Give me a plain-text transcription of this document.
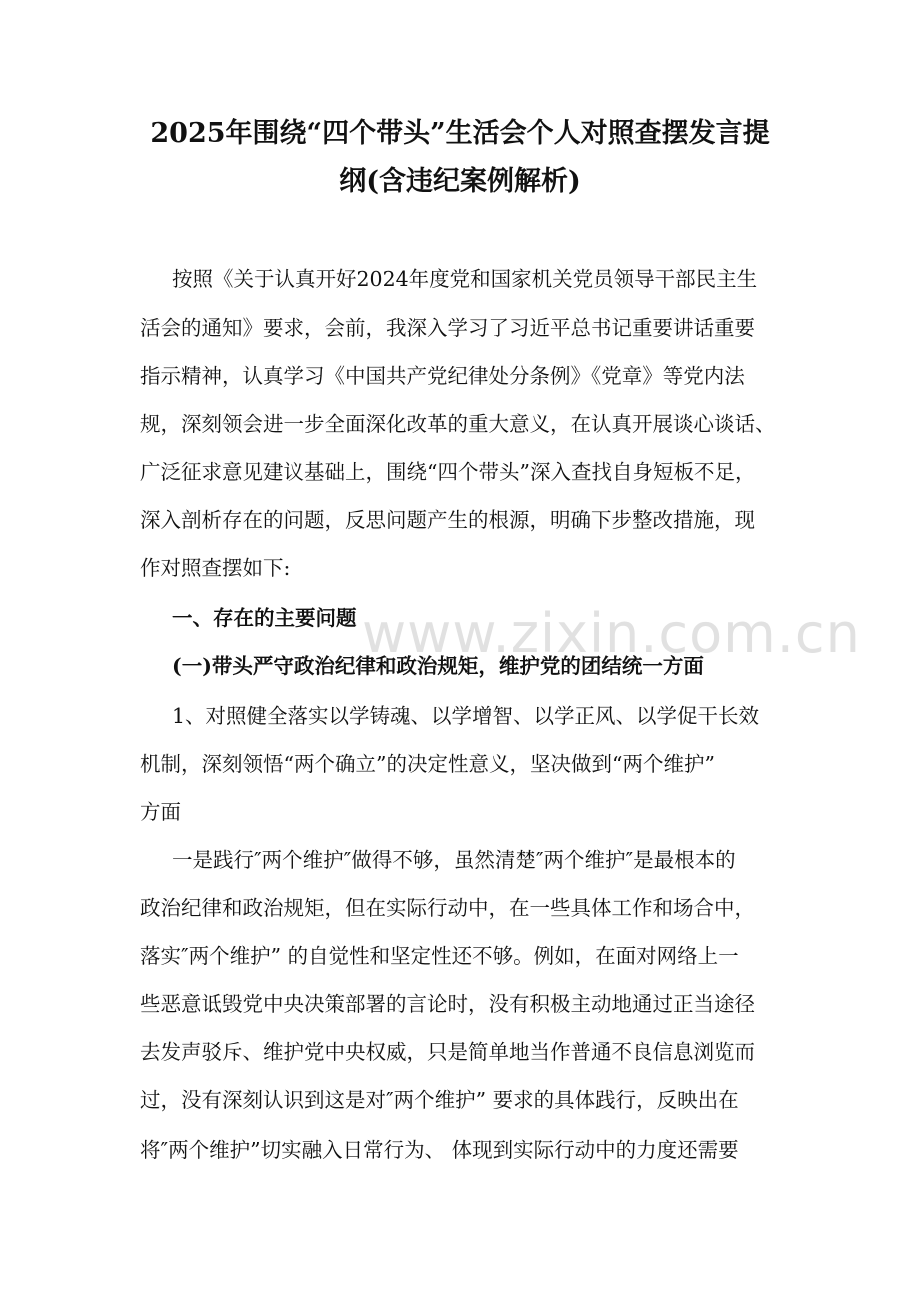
2025年围绕“四个带头”生活会个人对照查摆发言提
纲(含违纪案例解析)

按照《关于认真开好2024年度党和国家机关党员领导干部民主生

活会的通知》要求，会前，我深入学习了习近平总书记重要讲话重要

指示精神，认真学习《中国共产党纪律处分条例》《党章》等党内法

规，深刻领会进一步全面深化改革的重大意义，在认真开展谈心谈话、

广泛征求意见建议基础上，围绕“四个带头”深入查找自身短板不足，

深入剖析存在的问题，反思问题产生的根源，明确下步整改措施，现

作对照查摆如下:

一、存在的主要问题

(一)带头严守政治纪律和政治规矩，维护党的团结统一方面

1、对照健全落实以学铸魂、以学增智、以学正风、以学促干长效

机制，深刻领悟“两个确立”的决定性意义，坚决做到“两个维护”

方面

一是践行″两个维护″做得不够，虽然清楚″两个维护″是最根本的

政治纪律和政治规矩，但在实际行动中，在一些具体工作和场合中，

落实″两个维护” 的自觉性和坚定性还不够。例如，在面对网络上一

些恶意诋毁党中央决策部署的言论时，没有积极主动地通过正当途径

去发声驳斥、维护党中央权威，只是简单地当作普通不良信息浏览而

过，没有深刻认识到这是对″两个维护” 要求的具体践行，反映出在

将″两个维护”切实融入日常行为、 体现到实际行动中的力度还需要

www.zixin.com.cn
